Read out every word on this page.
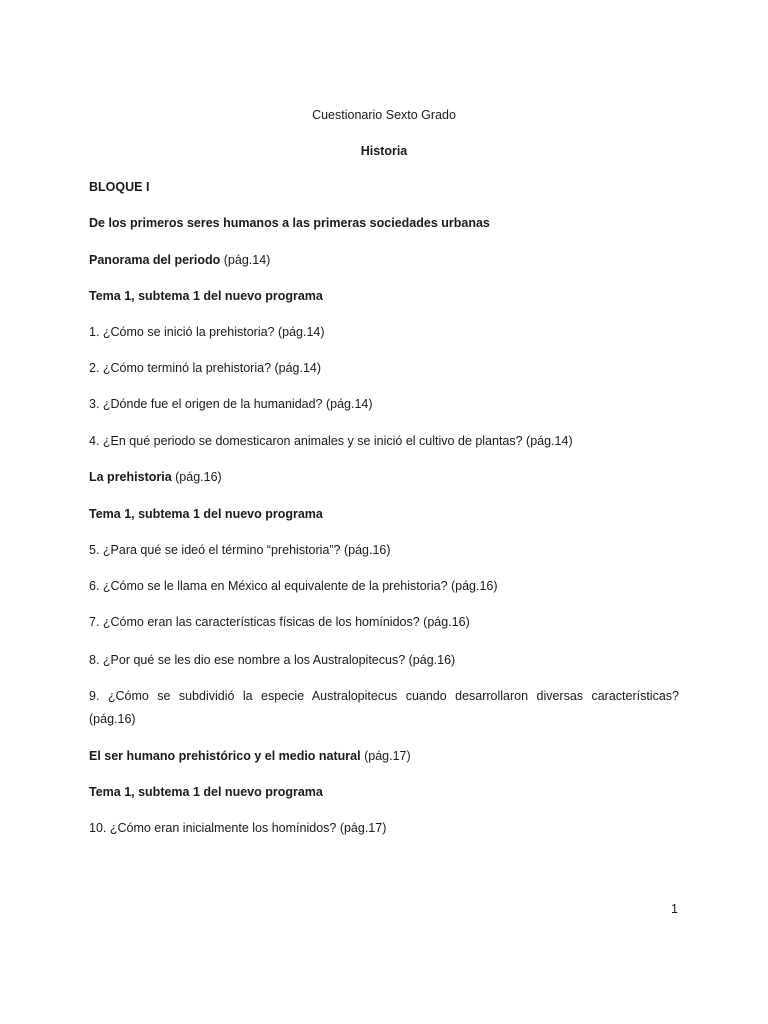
Cuestionario Sexto Grado
Historia
BLOQUE I
De los primeros seres humanos a las primeras sociedades urbanas
Panorama del periodo (pág.14)
Tema 1, subtema 1 del nuevo programa
1. ¿Cómo se inició la prehistoria? (pág.14)
2. ¿Cómo terminó la prehistoria? (pág.14)
3. ¿Dónde fue el origen de la humanidad? (pág.14)
4. ¿En qué periodo se domesticaron animales y se inició el cultivo de plantas? (pág.14)
La prehistoria (pág.16)
Tema 1, subtema 1 del nuevo programa
5. ¿Para qué se ideó el término “prehistoria”? (pág.16)
6. ¿Cómo se le llama en México al equivalente de la prehistoria? (pág.16)
7. ¿Cómo eran las características físicas de los homínidos? (pág.16)
8. ¿Por qué se les dio ese nombre a los Australopitecus? (pág.16)
9. ¿Cómo se subdividió la especie Australopitecus cuando desarrollaron diversas características? (pág.16)
El ser humano prehistórico y el medio natural (pág.17)
Tema 1, subtema 1 del nuevo programa
10. ¿Cómo eran inicialmente los homínidos? (pág.17)
1
